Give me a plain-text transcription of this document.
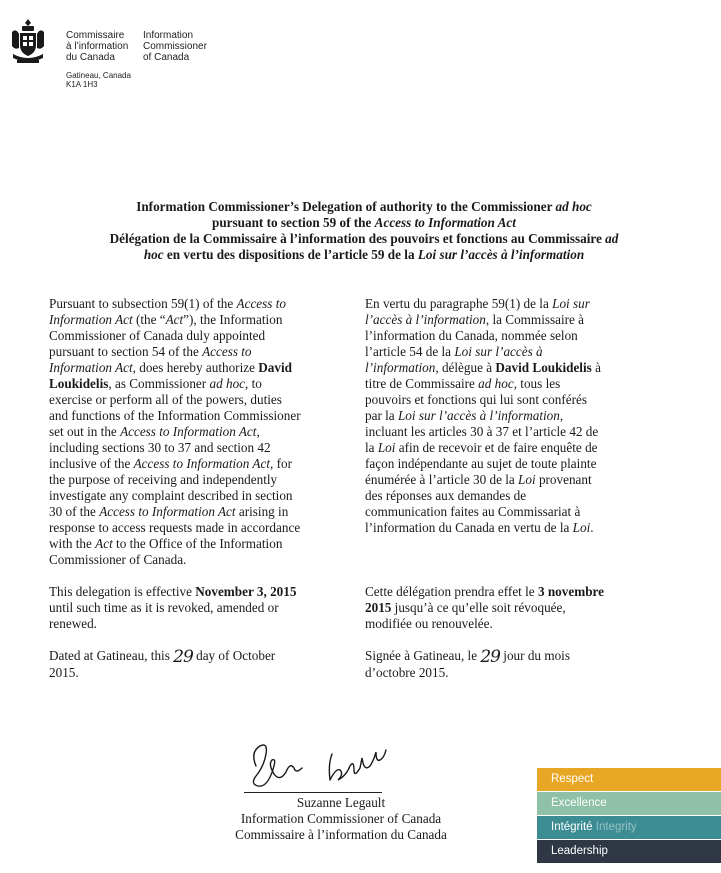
Commissaire
à l’information
du Canada
Information
Commissioner
of Canada
Gatineau, Canada
K1A 1H3
Information Commissioner’s Delegation of authority to the Commissioner ad hoc
pursuant to section 59 of the Access to Information Act
Délégation de la Commissaire à l’information des pouvoirs et fonctions au Commissaire ad
hoc en vertu des dispositions de l’article 59 de la Loi sur l’accès à l’information
Pursuant to subsection 59(1) of the Access to
Information Act (the “Act”), the Information
Commissioner of Canada duly appointed
pursuant to section 54 of the Access to
Information Act, does hereby authorize David
Loukidelis, as Commissioner ad hoc, to
exercise or perform all of the powers, duties
and functions of the Information Commissioner
set out in the Access to Information Act,
including sections 30 to 37 and section 42
inclusive of the Access to Information Act, for
the purpose of receiving and independently
investigate any complaint described in section
30 of the Access to Information Act arising in
response to access requests made in accordance
with the Act to the Office of the Information
Commissioner of Canada.
This delegation is effective November 3, 2015
until such time as it is revoked, amended or
renewed.
Dated at Gatineau, this 29 day of October
2015.
En vertu du paragraphe 59(1) de la Loi sur
l’accès à l’information, la Commissaire à
l’information du Canada, nommée selon
l’article 54 de la Loi sur l’accès à
l’information, délègue à David Loukidelis à
titre de Commissaire ad hoc, tous les
pouvoirs et fonctions qui lui sont conférés
par la Loi sur l’accès à l’information,
incluant les articles 30 à 37 et l’article 42 de
la Loi afin de recevoir et de faire enquête de
façon indépendante au sujet de toute plainte
énumérée à l’article 30 de la Loi provenant
des réponses aux demandes de
communication faites au Commissariat à
l’information du Canada en vertu de la Loi.
Cette délégation prendra effet le 3 novembre
2015 jusqu’à ce qu’elle soit révoquée,
modifiée ou renouvelée.
Signée à Gatineau, le 29 jour du mois
d’octobre 2015.
Suzanne Legault
Information Commissioner of Canada
Commissaire à l’information du Canada
Respect
Excellence
Intégrité Integrity
Leadership
